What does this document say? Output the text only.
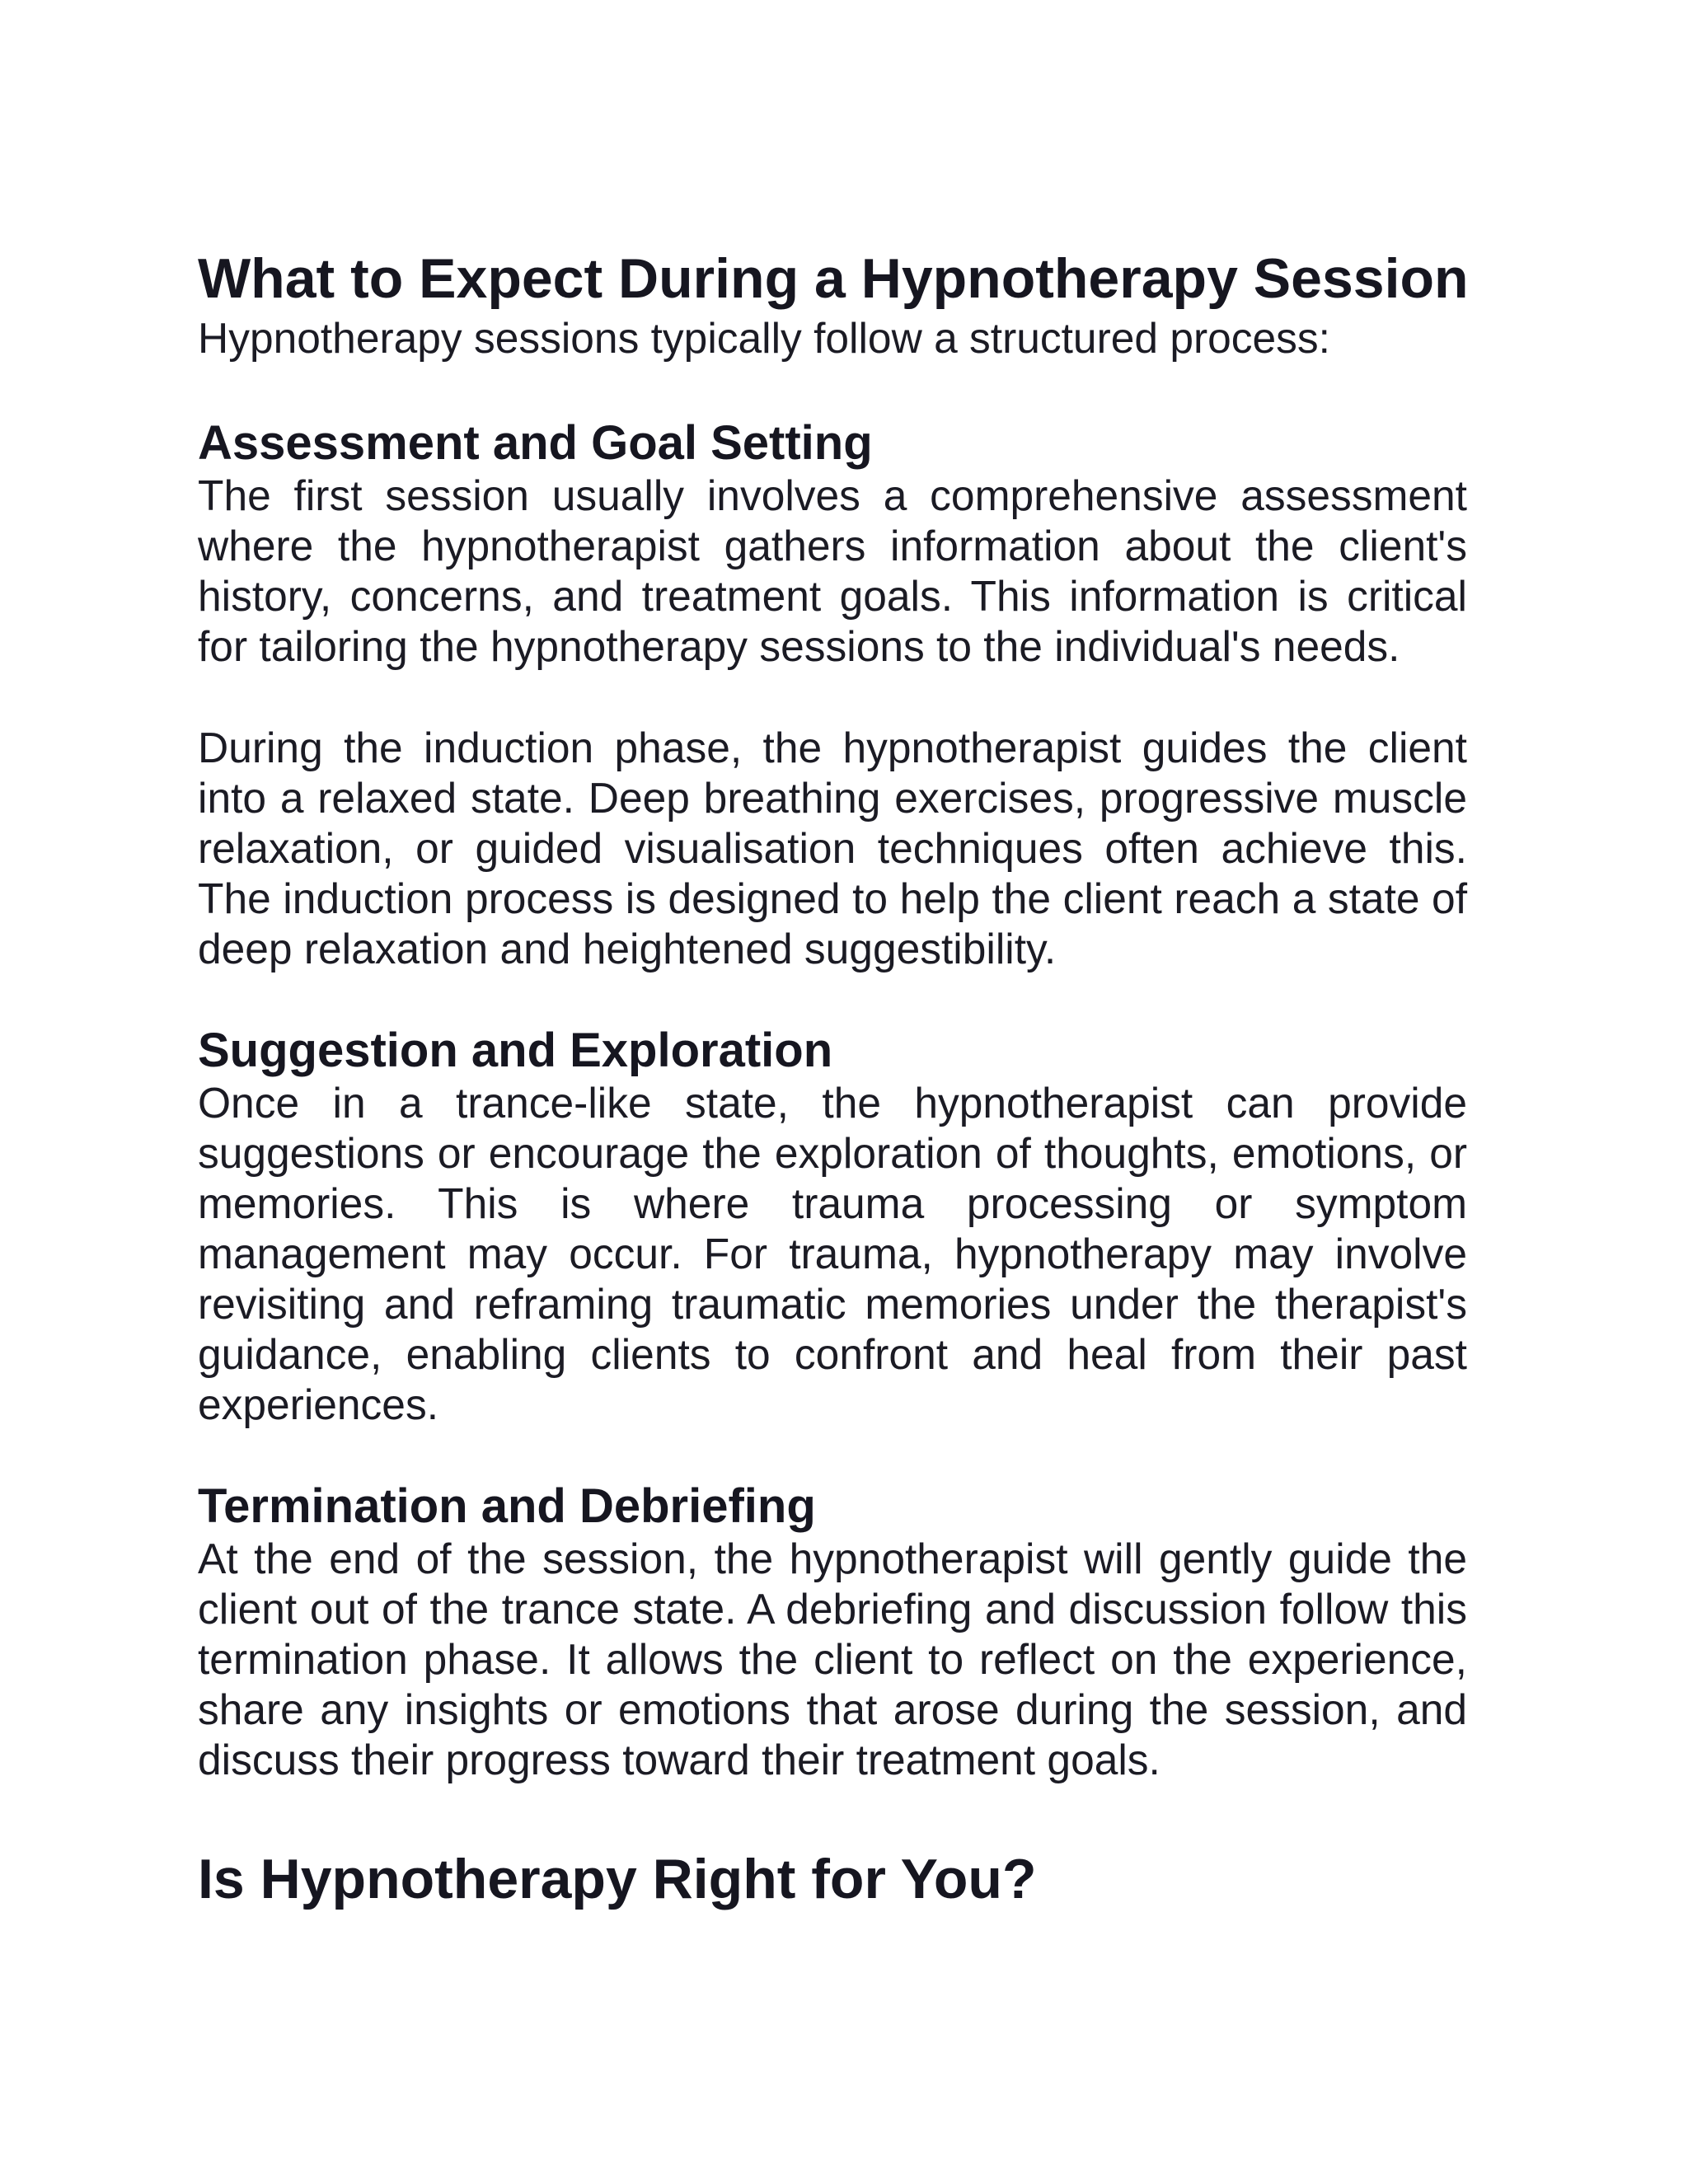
What to Expect During a Hypnotherapy Session

Hypnotherapy sessions typically follow a structured process:

Assessment and Goal Setting

The first session usually involves a comprehensive assessment where the hypnotherapist gathers information about the client's history, concerns, and treatment goals. This information is critical for tailoring the hypnotherapy sessions to the individual's needs.

During the induction phase, the hypnotherapist guides the client into a relaxed state. Deep breathing exercises, progressive muscle relaxation, or guided visualisation techniques often achieve this. The induction process is designed to help the client reach a state of deep relaxation and heightened suggestibility.

Suggestion and Exploration

Once in a trance-like state, the hypnotherapist can provide suggestions or encourage the exploration of thoughts, emotions, or memories. This is where trauma processing or symptom management may occur. For trauma, hypnotherapy may involve revisiting and reframing traumatic memories under the therapist's guidance, enabling clients to confront and heal from their past experiences.

Termination and Debriefing

At the end of the session, the hypnotherapist will gently guide the client out of the trance state. A debriefing and discussion follow this termination phase. It allows the client to reflect on the experience, share any insights or emotions that arose during the session, and discuss their progress toward their treatment goals.

Is Hypnotherapy Right for You?
